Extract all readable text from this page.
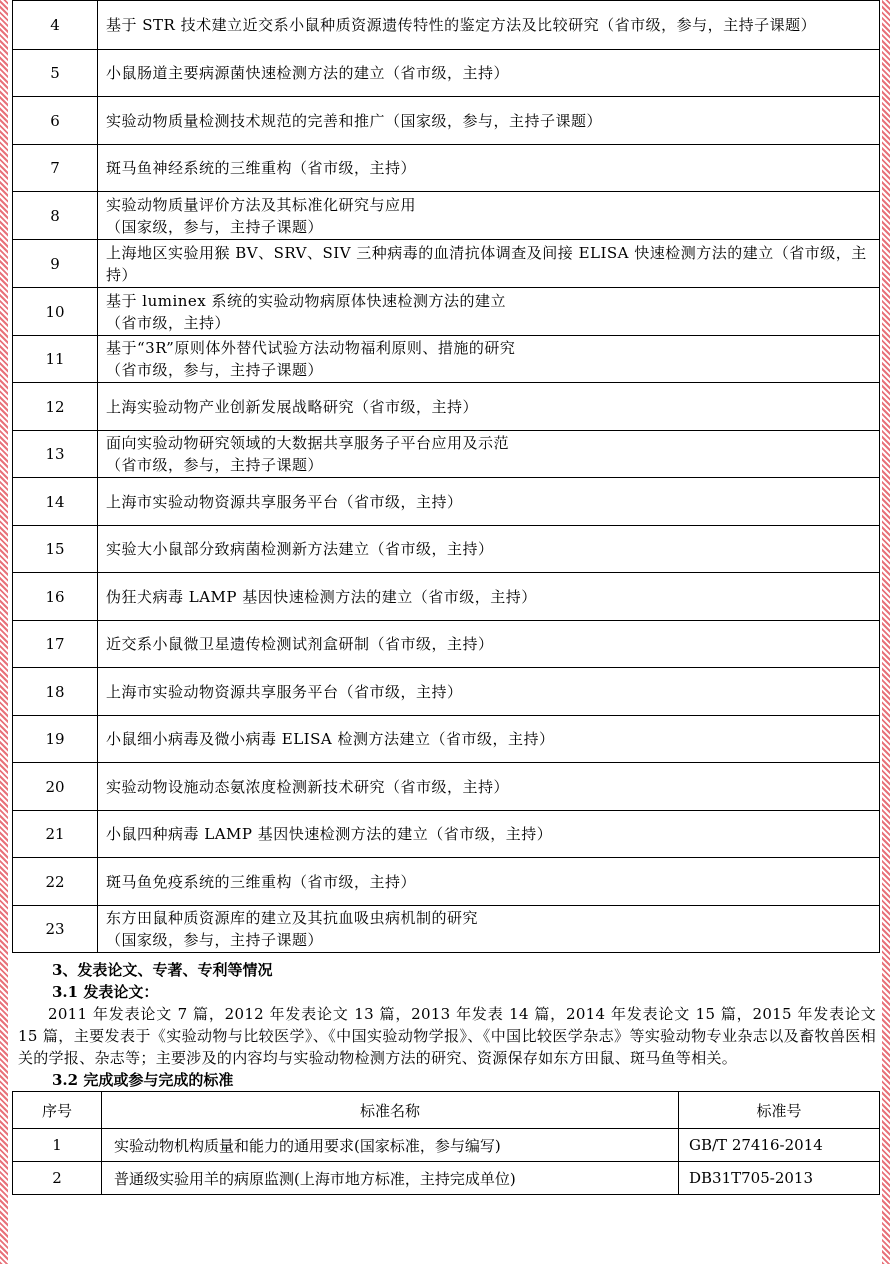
4	基于 STR 技术建立近交系小鼠种质资源遗传特性的鉴定方法及比较研究（省市级，参与，主持子课题）
5	小鼠肠道主要病源菌快速检测方法的建立（省市级，主持）
6	实验动物质量检测技术规范的完善和推广（国家级，参与，主持子课题）
7	斑马鱼神经系统的三维重构（省市级，主持）
8	实验动物质量评价方法及其标准化研究与应用
（国家级，参与，主持子课题）
9	上海地区实验用猴 BV、SRV、SIV 三种病毒的血清抗体调查及间接 ELISA 快速检测方法的建立（省市级，主持）
10	基于 luminex 系统的实验动物病原体快速检测方法的建立
（省市级，主持）
11	基于“3R”原则体外替代试验方法动物福利原则、措施的研究
（省市级，参与，主持子课题）
12	上海实验动物产业创新发展战略研究（省市级，主持）
13	面向实验动物研究领域的大数据共享服务子平台应用及示范
（省市级，参与，主持子课题）
14	上海市实验动物资源共享服务平台（省市级，主持）
15	实验大小鼠部分致病菌检测新方法建立（省市级，主持）
16	伪狂犬病毒 LAMP 基因快速检测方法的建立（省市级，主持）
17	近交系小鼠微卫星遗传检测试剂盒研制（省市级，主持）
18	上海市实验动物资源共享服务平台（省市级，主持）
19	小鼠细小病毒及微小病毒 ELISA 检测方法建立（省市级，主持）
20	实验动物设施动态氨浓度检测新技术研究（省市级，主持）
21	小鼠四种病毒 LAMP 基因快速检测方法的建立（省市级，主持）
22	斑马鱼免疫系统的三维重构（省市级，主持）
23	东方田鼠种质资源库的建立及其抗血吸虫病机制的研究
（国家级，参与，主持子课题）
3、发表论文、专著、专利等情况
3.1 发表论文：
2011 年发表论文 7 篇，2012 年发表论文 13 篇，2013 年发表 14 篇，2014 年发表论文 15 篇，2015 年发表论文 15 篇，主要发表于《实验动物与比较医学》、《中国实验动物学报》、《中国比较医学杂志》等实验动物专业杂志以及畜牧兽医相关的学报、杂志等；主要涉及的内容均与实验动物检测方法的研究、资源保存如东方田鼠、斑马鱼等相关。
3.2 完成或参与完成的标准
序号	标准名称	标准号
1	实验动物机构质量和能力的通用要求(国家标准，参与编写)	GB/T 27416-2014
2	普通级实验用羊的病原监测(上海市地方标准，主持完成单位)	DB31T705-2013
